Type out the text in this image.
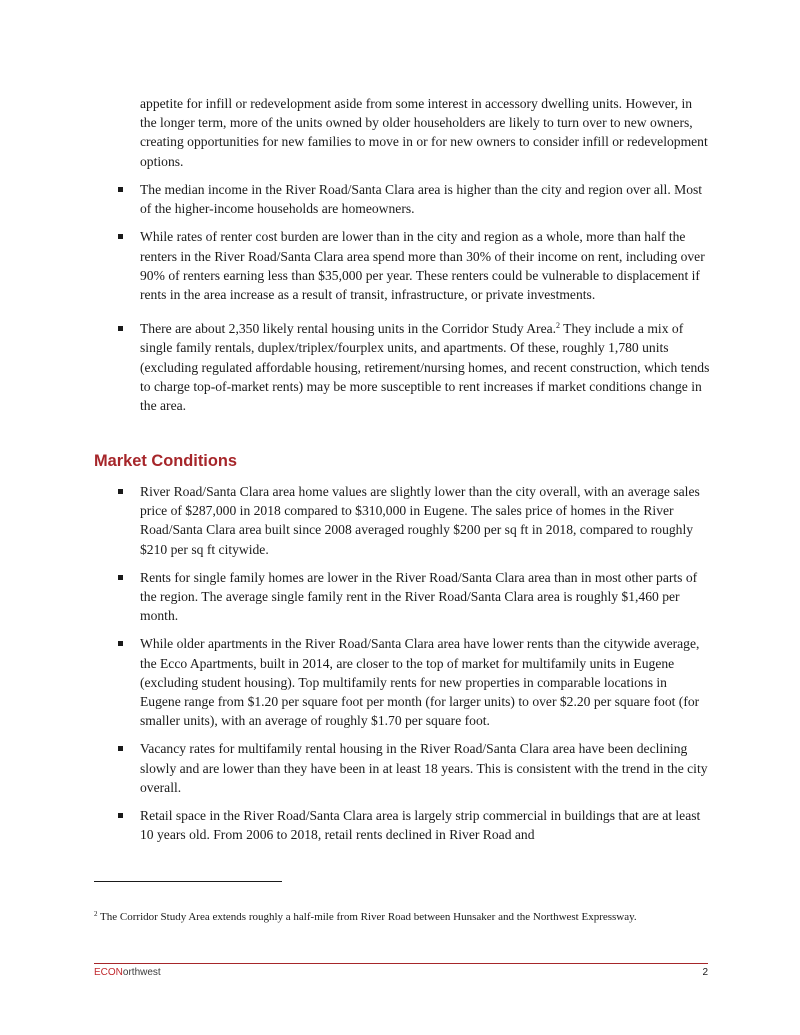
appetite for infill or redevelopment aside from some interest in accessory dwelling units. However, in the longer term, more of the units owned by older householders are likely to turn over to new owners, creating opportunities for new families to move in or for new owners to consider infill or redevelopment options.

The median income in the River Road/Santa Clara area is higher than the city and region over all. Most of the higher-income households are homeowners.
While rates of renter cost burden are lower than in the city and region as a whole, more than half the renters in the River Road/Santa Clara area spend more than 30% of their income on rent, including over 90% of renters earning less than $35,000 per year. These renters could be vulnerable to displacement if rents in the area increase as a result of transit, infrastructure, or private investments.
There are about 2,350 likely rental housing units in the Corridor Study Area.$^2$ They include a mix of single family rentals, duplex/triplex/fourplex units, and apartments. Of these, roughly 1,780 units (excluding regulated affordable housing, retirement/nursing homes, and recent construction, which tends to charge top-of-market rents) may be more susceptible to rent increases if market conditions change in the area.
Market Conditions
River Road/Santa Clara area home values are slightly lower than the city overall, with an average sales price of $287,000 in 2018 compared to $310,000 in Eugene. The sales price of homes in the River Road/Santa Clara area built since 2008 averaged roughly $200 per sq ft in 2018, compared to roughly $210 per sq ft citywide.
Rents for single family homes are lower in the River Road/Santa Clara area than in most other parts of the region. The average single family rent in the River Road/Santa Clara area is roughly $1,460 per month.
While older apartments in the River Road/Santa Clara area have lower rents than the citywide average, the Ecco Apartments, built in 2014, are closer to the top of market for multifamily units in Eugene (excluding student housing). Top multifamily rents for new properties in comparable locations in Eugene range from $1.20 per square foot per month (for larger units) to over $2.20 per square foot (for smaller units), with an average of roughly $1.70 per square foot.
Vacancy rates for multifamily rental housing in the River Road/Santa Clara area have been declining slowly and are lower than they have been in at least 18 years. This is consistent with the trend in the city overall.
Retail space in the River Road/Santa Clara area is largely strip commercial in buildings that are at least 10 years old. From 2006 to 2018, retail rents declined in River Road and

$^2$ The Corridor Study Area extends roughly a half-mile from River Road between Hunsaker and the Northwest Expressway.

ECONorthwest	2
